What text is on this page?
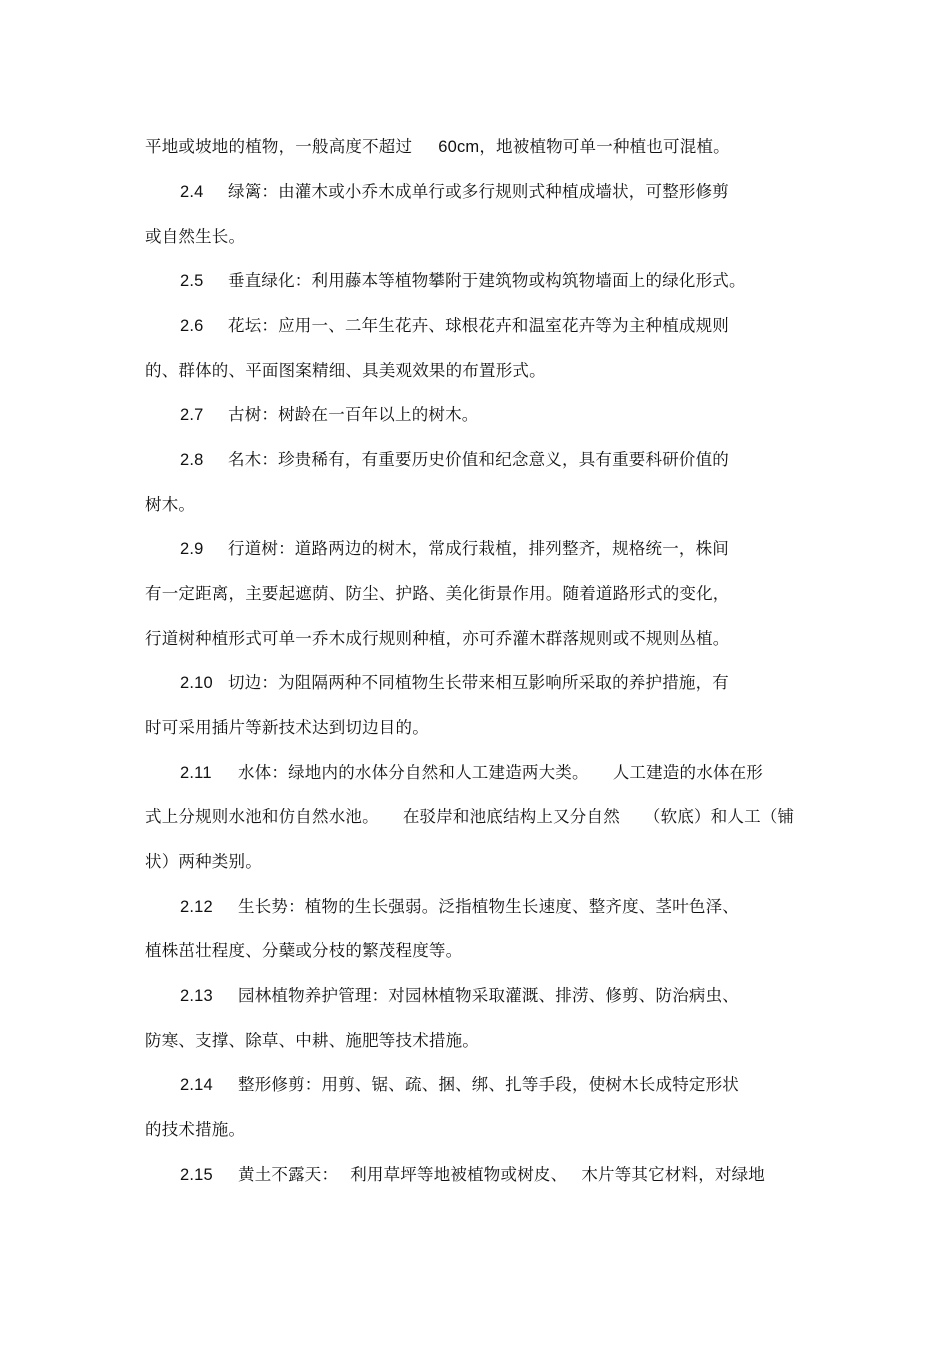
平地或坡地的植物，一般高度不超过 60cm，地被植物可单一种植也可混植。
2.4 绿篱：由灌木或小乔木成单行或多行规则式种植成墙状，可整形修剪
或自然生长。
2.5 垂直绿化：利用藤本等植物攀附于建筑物或构筑物墙面上的绿化形式。
2.6 花坛：应用一、二年生花卉、球根花卉和温室花卉等为主种植成规则
的、群体的、平面图案精细、具美观效果的布置形式。
2.7 古树：树龄在一百年以上的树木。
2.8 名木：珍贵稀有，有重要历史价值和纪念意义，具有重要科研价值的
树木。
2.9 行道树：道路两边的树木，常成行栽植，排列整齐，规格统一，株间
有一定距离，主要起遮荫、防尘、护路、美化街景作用。随着道路形式的变化，
行道树种植形式可单一乔木成行规则种植，亦可乔灌木群落规则或不规则丛植。
2.10 切边：为阻隔两种不同植物生长带来相互影响所采取的养护措施，有
时可采用插片等新技术达到切边目的。
2.11 水体：绿地内的水体分自然和人工建造两大类。 人工建造的水体在形
式上分规则水池和仿自然水池。 在驳岸和池底结构上又分自然 （软底）和人工（铺
状）两种类别。
2.12 生长势：植物的生长强弱。泛指植物生长速度、整齐度、茎叶色泽、
植株茁壮程度、分蘖或分枝的繁茂程度等。
2.13 园林植物养护管理：对园林植物采取灌溉、排涝、修剪、防治病虫、
防寒、支撑、除草、中耕、施肥等技术措施。
2.14 整形修剪：用剪、锯、疏、捆、绑、扎等手段，使树木长成特定形状
的技术措施。
2.15 黄土不露天： 利用草坪等地被植物或树皮、 木片等其它材料，对绿地
